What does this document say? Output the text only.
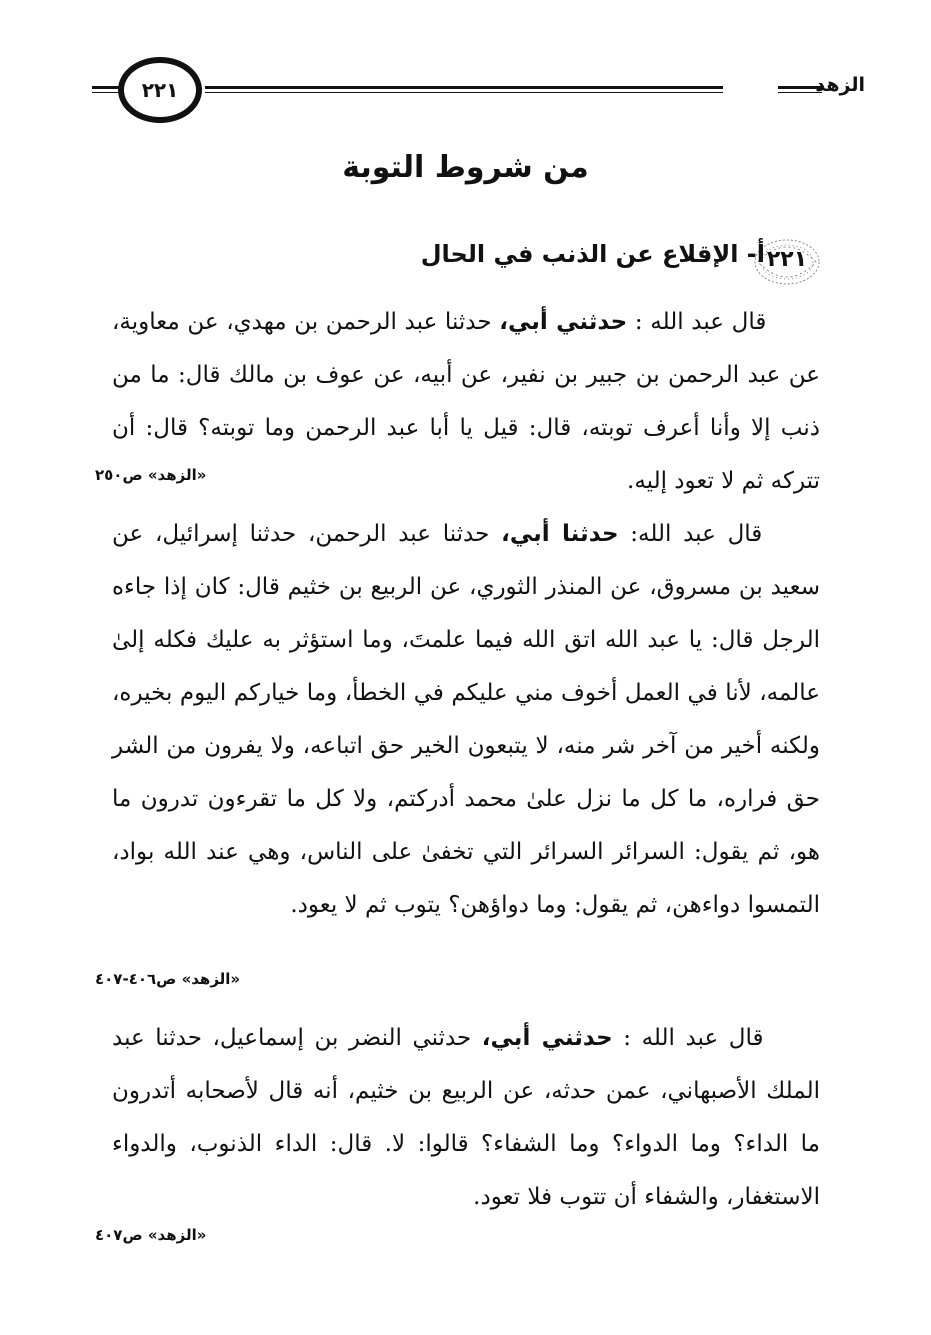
٢٢١	الزهد
من شروط التوبة
٢٢١
أ- الإقلاع عن الذنب في الحال
   قال عبد الله : حدثني أبي، حدثنا عبد الرحمن بن مهدي، عن معاوية، عن عبد الرحمن بن جبير بن نفير، عن أبيه، عن عوف بن مالك قال: ما من ذنب إلا وأنا أعرف توبته، قال: قيل يا أبا عبد الرحمن وما توبته؟ قال: أن تتركه ثم لا تعود إليه.
«الزهد» ص٢٥٠
   قال عبد الله: حدثنا أبي، حدثنا عبد الرحمن، حدثنا إسرائيل، عن سعيد بن مسروق، عن المنذر الثوري، عن الربيع بن خثيم قال: كان إذا جاءه الرجل قال: يا عبد الله اتق الله فيما علمتَ، وما استؤثر به عليك فكله إلىٰ عالمه، لأنا في العمل أخوف مني عليكم في الخطأ، وما خياركم اليوم بخيره، ولكنه أخير من آخر شر منه، لا يتبعون الخير حق اتباعه، ولا يفرون من الشر حق فراره، ما كل ما نزل علىٰ محمد أدركتم، ولا كل ما تقرءون تدرون ما هو، ثم يقول: السرائر السرائر التي تخفىٰ على الناس، وهي عند الله بواد، التمسوا دواءهن، ثم يقول: وما دواؤهن؟ يتوب ثم لا يعود.
«الزهد» ص٤٠٦-٤٠٧
   قال عبد الله : حدثني أبي، حدثني النضر بن إسماعيل، حدثنا عبد الملك الأصبهاني، عمن حدثه، عن الربيع بن خثيم، أنه قال لأصحابه أتدرون ما الداء؟ وما الدواء؟ وما الشفاء؟ قالوا: لا. قال: الداء الذنوب، والدواء الاستغفار، والشفاء أن تتوب فلا تعود.
«الزهد» ص٤٠٧
